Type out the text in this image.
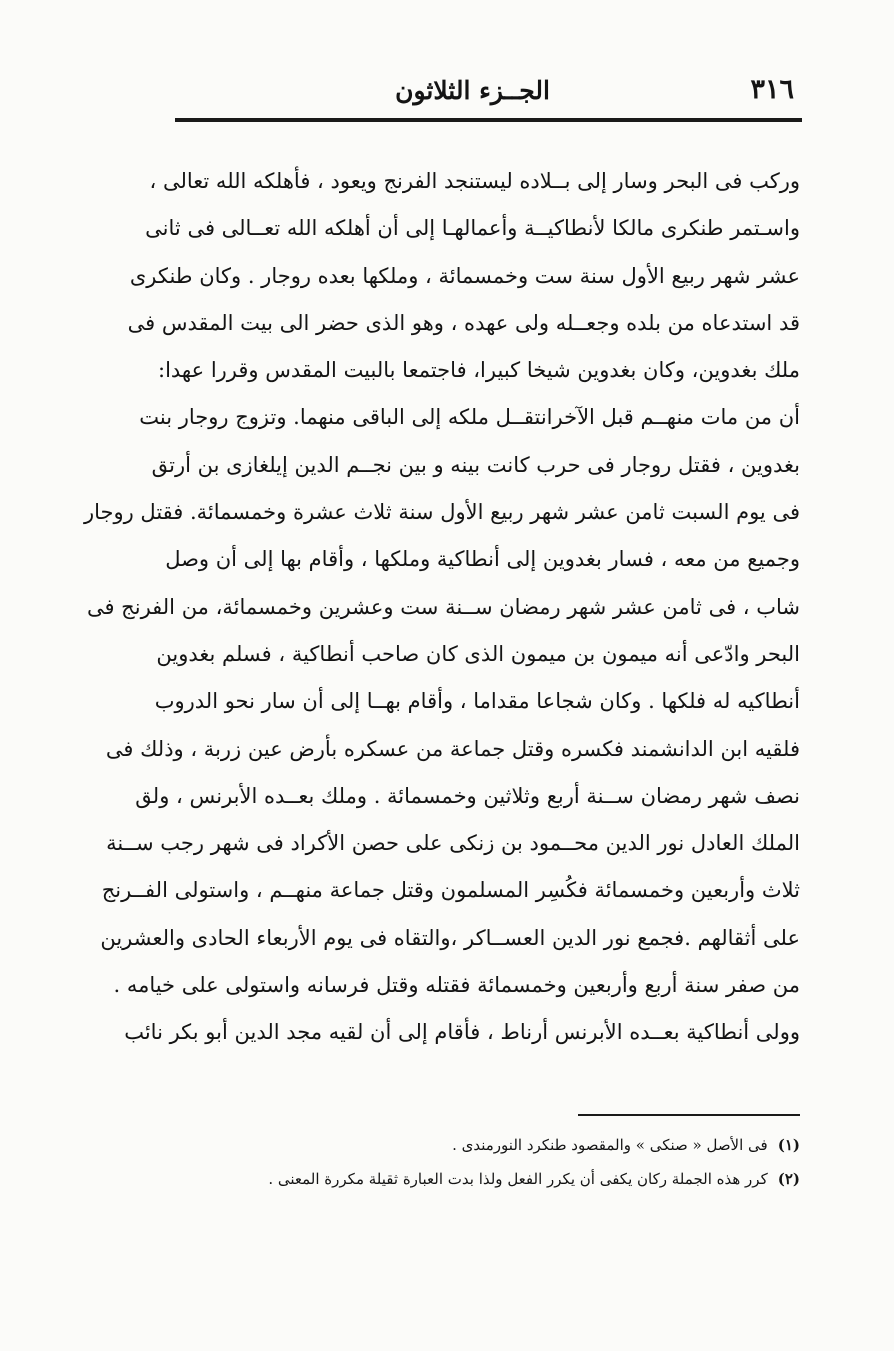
٣١٦
الجــزء الثلاثون
وركب فى البحر وسار إلى بــلاده ليستنجد الفرنج ويعود ، فأهلكه الله تعالى ،
واسـتمر طنكرى مالكا لأنطاكيــة وأعمالهـا إلى أن أهلكه الله تعــالى فى ثانى
عشر شهر ربيع الأول سنة ست وخمسمائة ، وملكها بعده روجار . وكان طنكرى
قد استدعاه من بلده وجعــله ولى عهده ، وهو الذى حضر الى بيت المقدس فى
ملك بغدوين، وكان بغدوين شيخا كبيرا، فاجتمعا بالبيت المقدس وقررا عهدا:
أن من مات منهــم قبل الآخرانتقــل ملكه إلى الباقى منهما. وتزوج روجار بنت
بغدوين ، فقتل روجار فى حرب كانت بينه و بين نجــم الدين إيلغازى بن أرتق
فى يوم السبت ثامن عشر شهر ربيع الأول سنة ثلاث عشرة وخمسمائة. فقتل روجار
وجميع من معه ، فسار بغدوين إلى أنطاكية وملكها ، وأقام بها إلى أن وصل
شاب ، فى ثامن عشر شهر رمضان ســنة ست وعشرين وخمسمائة، من الفرنج فى
البحر وادّعى أنه ميمون بن ميمون الذى كان صاحب أنطاكية ، فسلم بغدوين
أنطاكيه له فلكها . وكان شجاعا مقداما ، وأقام بهــا إلى أن سار نحو الدروب
فلقيه ابن الدانشمند فكسره وقتل جماعة من عسكره بأرض عين زربة ، وذلك فى
نصف شهر رمضان ســنة أربع وثلاثين وخمسمائة . وملك بعــده الأبرنس ، ولق
الملك العادل نور الدين محــمود بن زنكى على حصن الأكراد فى شهر رجب ســنة
ثلاث وأربعين وخمسمائة فكُسِر المسلمون وقتل جماعة منهــم ، واستولى الفــرنج
على أثقالهم .فجمع نور الدين العســاكر ،والتقاه فى يوم الأربعاء الحادى والعشرين
من صفر سنة أربع وأربعين وخمسمائة فقتله وقتل فرسانه واستولى على خيامه .
وولى أنطاكية بعــده الأبرنس أرناط ، فأقام إلى أن لقيه مجد الدين أبو بكر نائب
(١)فى الأصل « صنكى » والمقصود طنكرد النورمندى .
(٢)كرر هذه الجملة ركان يكفى أن يكرر الفعل ولذا بدت العبارة ثقيلة مكررة المعنى .
